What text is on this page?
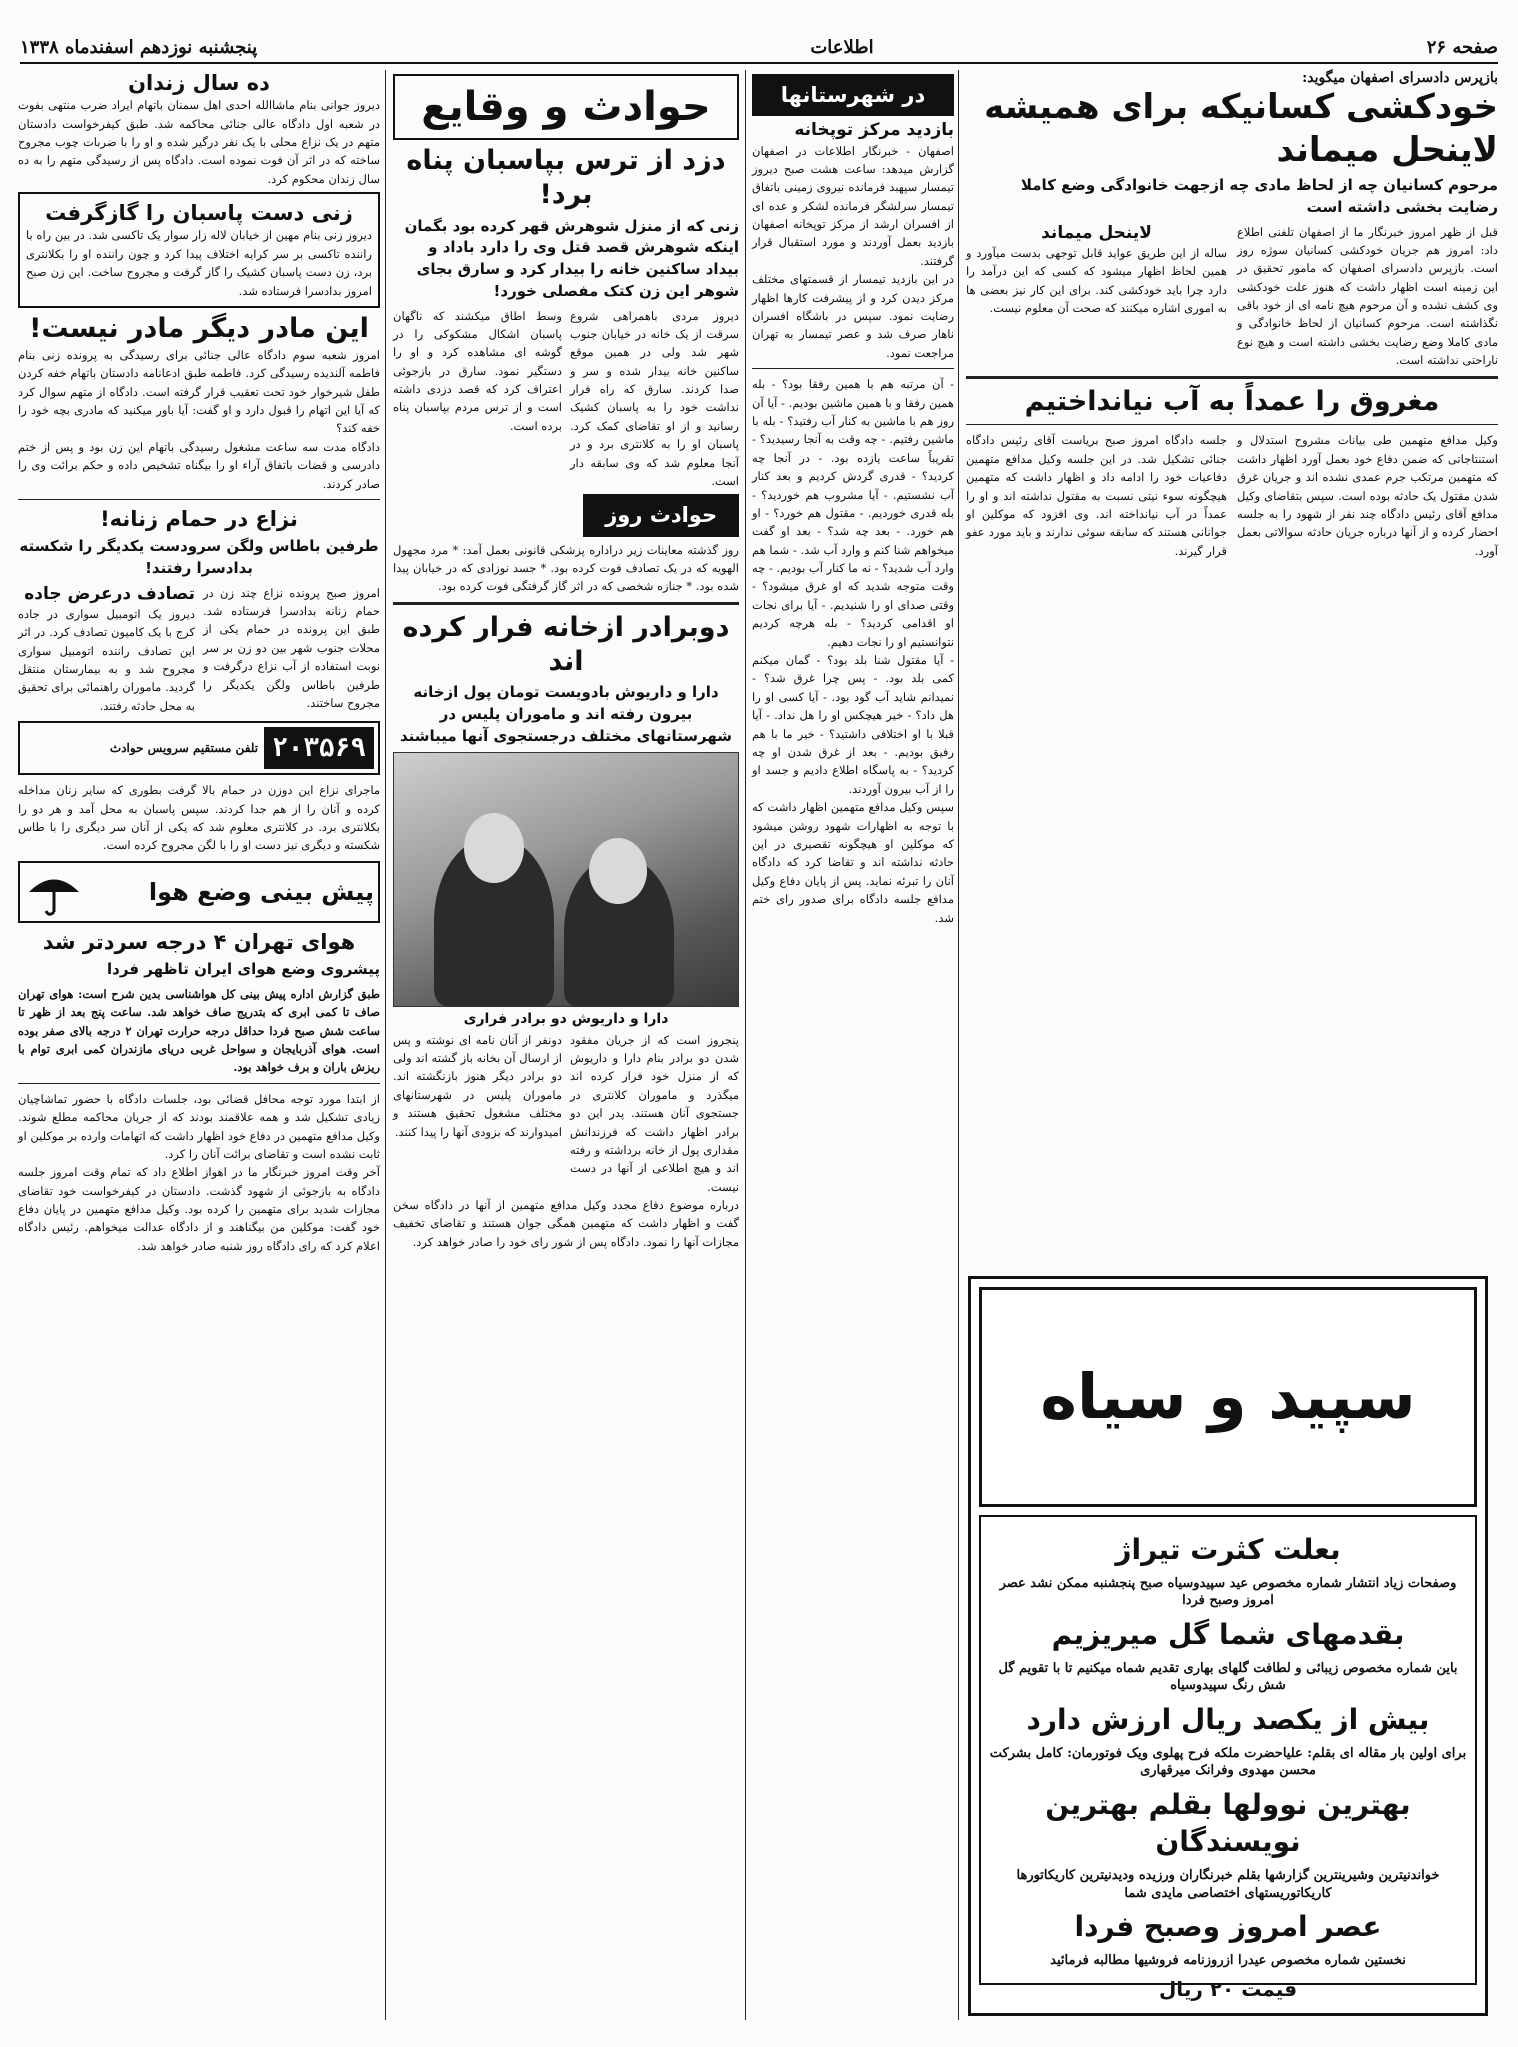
صفحه ۲۶
اطلاعات
پنجشنبه نوزدهم اسفندماه ۱۳۳۸
بازپرس دادسرای اصفهان میگوید:
خودکشی کسانیکه برای همیشه لاینحل میماند
مرحوم کسانیان چه از لحاظ مادی چه ازجهت خانوادگی وضع کاملا رضایت بخشی داشته است
قبل از ظهر امروز خبرنگار ما از اصفهان تلفنی اطلاع داد: امروز هم جریان خودکشی کسانیان سوژه روز است. بازپرس دادسرای اصفهان که مامور تحقیق در این زمینه است اظهار داشت که هنوز علت خودکشی وی کشف نشده و آن مرحوم هیچ نامه ای از خود باقی نگذاشته است. مرحوم کسانیان از لحاظ خانوادگی و مادی کاملا وضع رضایت بخشی داشته است و هیچ نوع ناراحتی نداشته است.
لاینحل میماند
ساله از این طریق عواید قابل توجهی بدست میآورد و همین لحاظ اظهار میشود که کسی که این درآمد را دارد چرا باید خودکشی کند. برای این کار نیز بعضی ها به اموری اشاره میکنند که صحت آن معلوم نیست.
مغروق را عمداً به آب نیانداختیم
وکیل مدافع متهمین طی بیانات مشروح استدلال و استنتاجاتی که ضمن دفاع خود بعمل آورد اظهار داشت که متهمین مرتکب جرم عمدی نشده اند و جریان غرق شدن مقتول یک حادثه بوده است. سپس بتقاضای وکیل مدافع آقای رئیس دادگاه چند نفر از شهود را به جلسه احضار کرده و از آنها درباره جریان حادثه سوالاتی بعمل آورد.
جلسه دادگاه امروز صبح بریاست آقای رئیس دادگاه جنائی تشکیل شد. در این جلسه وکیل مدافع متهمین دفاعیات خود را ادامه داد و اظهار داشت که متهمین هیچگونه سوء نیتی نسبت به مقتول نداشته اند و او را عمداً در آب نیانداخته اند. وی افزود که موکلین او جوانانی هستند که سابقه سوئی ندارند و باید مورد عفو قرار گیرند.
در شهرستانها
بازدید مرکز توپخانه
اصفهان - خبرنگار اطلاعات در اصفهان گزارش میدهد: ساعت هشت صبح دیروز تیمسار سپهبد فرمانده نیروی زمینی باتفاق تیمسار سرلشگر فرمانده لشکر و عده ای از افسران ارشد از مرکز توپخانه اصفهان بازدید بعمل آوردند و مورد استقبال قرار گرفتند.
در این بازدید تیمسار از قسمتهای مختلف مرکز دیدن کرد و از پیشرفت کارها اظهار رضایت نمود. سپس در باشگاه افسران ناهار صرف شد و عصر تیمسار به تهران مراجعت نمود.
- آن مرتبه هم با همین رفقا بود؟ - بله همین رفقا و با همین ماشین بودیم. - آیا آن روز هم با ماشین به کنار آب رفتید؟ - بله با ماشین رفتیم. - چه وقت به آنجا رسیدید؟ - تقریباً ساعت یازده بود. - در آنجا چه کردید؟ - قدری گردش کردیم و بعد کنار آب نشستیم. - آیا مشروب هم خوردید؟ - بله قدری خوردیم. - مقتول هم خورد؟ - او هم خورد. - بعد چه شد؟ - بعد او گفت میخواهم شنا کنم و وارد آب شد. - شما هم وارد آب شدید؟ - نه ما کنار آب بودیم. - چه وقت متوجه شدید که او غرق میشود؟ - وقتی صدای او را شنیدیم. - آیا برای نجات او اقدامی کردید؟ - بله هرچه کردیم نتوانستیم او را نجات دهیم.
- آیا مقتول شنا بلد بود؟ - گمان میکنم کمی بلد بود. - پس چرا غرق شد؟ - نمیدانم شاید آب گود بود. - آیا کسی او را هل داد؟ - خیر هیچکس او را هل نداد. - آیا قبلا با او اختلافی داشتید؟ - خیر ما با هم رفیق بودیم. - بعد از غرق شدن او چه کردید؟ - به پاسگاه اطلاع دادیم و جسد او را از آب بیرون آوردند.
سپس وکیل مدافع متهمین اظهار داشت که با توجه به اظهارات شهود روشن میشود که موکلین او هیچگونه تقصیری در این حادثه نداشته اند و تقاضا کرد که دادگاه آنان را تبرئه نماید. پس از پایان دفاع وکیل مدافع جلسه دادگاه برای صدور رای ختم شد.
حوادث و وقایع
دزد از ترس بپاسبان پناه برد!
زنی که از منزل شوهرش قهر کرده بود بگمان اینکه شوهرش قصد قتل وی را دارد باداد و بیداد ساکنین خانه را بیدار کرد و سارق بجای شوهر این زن کتک مفصلی خورد!
دیروز مردی باهمراهی شروع سرقت از یک خانه در خیابان جنوب شهر شد ولی در همین موقع ساکنین خانه بیدار شده و سر و صدا کردند. سارق که راه فرار نداشت خود را به پاسبان کشیک رسانید و از او تقاضای کمک کرد. پاسبان او را به کلانتری برد و در آنجا معلوم شد که وی سابقه دار است.
وسط اطاق میکشند که ناگهان پاسبان اشکال مشکوکی را در گوشه ای مشاهده کرد و او را دستگیر نمود. سارق در بازجوئی اعتراف کرد که قصد دزدی داشته است و از ترس مردم بپاسبان پناه برده است.
حوادث روز
روز گذشته معاینات زیر دراداره پزشکی قانونی بعمل آمد: * مرد مجهول الهویه که در یک تصادف فوت کرده بود. * جسد نوزادی که در خیابان پیدا شده بود. * جنازه شخصی که در اثر گاز گرفتگی فوت کرده بود.
دوبرادر ازخانه فرار کرده اند
دارا و داریوش بادویست تومان پول ازخانه بیرون رفته اند و ماموران پلیس در شهرستانهای مختلف درجستجوی آنها میباشند
دارا و داریوش دو برادر فراری
پنجروز است که از جریان مفقود شدن دو برادر بنام دارا و داریوش که از منزل خود فرار کرده اند میگذرد و ماموران کلانتری در جستجوی آنان هستند. پدر این دو برادر اظهار داشت که فرزندانش مقداری پول از خانه برداشته و رفته اند و هیچ اطلاعی از آنها در دست نیست.
دونفر از آنان نامه ای نوشته و پس از ارسال آن بخانه باز گشته اند ولی دو برادر دیگر هنوز بازنگشته اند. ماموران پلیس در شهرستانهای مختلف مشغول تحقیق هستند و امیدوارند که بزودی آنها را پیدا کنند.
درباره موضوع دفاع مجدد وکیل مدافع متهمین از آنها در دادگاه سخن گفت و اظهار داشت که متهمین همگی جوان هستند و تقاضای تخفیف مجازات آنها را نمود. دادگاه پس از شور رای خود را صادر خواهد کرد.
ده سال زندان
دیروز جوانی بنام ماشاالله احدی اهل سمنان باتهام ایراد ضرب منتهی بفوت در شعبه اول دادگاه عالی جنائی محاکمه شد. طبق کیفرخواست دادستان متهم در یک نزاع محلی با یک نفر درگیر شده و او را با ضربات چوب مجروح ساخته که در اثر آن فوت نموده است. دادگاه پس از رسیدگی متهم را به ده سال زندان محکوم کرد.
زنی دست پاسبان را گازگرفت
دیروز زنی بنام مهین از خیابان لاله زار سوار یک تاکسی شد. در بین راه با راننده تاکسی بر سر کرایه اختلاف پیدا کرد و چون راننده او را بکلانتری برد، زن دست پاسبان کشیک را گاز گرفت و مجروح ساخت. این زن صبح امروز بدادسرا فرستاده شد.
این مادر دیگر مادر نیست!
امروز شعبه سوم دادگاه عالی جنائی برای رسیدگی به پرونده زنی بنام فاطمه آلندیده رسیدگی کرد. فاطمه طبق ادعانامه دادستان باتهام خفه کردن طفل شیرخوار خود تحت تعقیب قرار گرفته است. دادگاه از متهم سوال کرد که آیا این اتهام را قبول دارد و او گفت: آیا باور میکنید که مادری بچه خود را خفه کند؟
دادگاه مدت سه ساعت مشغول رسیدگی باتهام این زن بود و پس از ختم دادرسی و قضات باتفاق آراء او را بیگناه تشخیص داده و حکم برائت وی را صادر کردند.
نزاع در حمام زنانه!
طرفین باطاس ولگن سرودست یکدیگر را شکسته بدادسرا رفتند!
امروز صبح پرونده نزاع چند زن در حمام زنانه بدادسرا فرستاده شد. طبق این پرونده در حمام یکی از محلات جنوب شهر بین دو زن بر سر نوبت استفاده از آب نزاع درگرفت و طرفین باطاس ولگن یکدیگر را مجروح ساختند.
تصادف درعرض جاده
دیروز یک اتومبیل سواری در جاده کرج با یک کامیون تصادف کرد. در اثر این تصادف راننده اتومبیل سواری مجروح شد و به بیمارستان منتقل گردید. ماموران راهنمائی برای تحقیق به محل حادثه رفتند.
۲۰۳۵۶۹
تلفن مستقیم سرویس حوادث
ماجرای نزاع این دوزن در حمام بالا گرفت بطوری که سایر زنان مداخله کرده و آنان را از هم جدا کردند. سپس پاسبان به محل آمد و هر دو را بکلانتری برد. در کلانتری معلوم شد که یکی از آنان سر دیگری را با طاس شکسته و دیگری نیز دست او را با لگن مجروح کرده است.
پیش بینی وضع هوا
هوای تهران ۴ درجه سردتر شد
پیشروی وضع هوای ایران تاظهر فردا
طبق گزارش اداره پیش بینی کل هواشناسی بدین شرح است: هوای تهران صاف تا کمی ابری که بتدریج صاف خواهد شد. ساعت پنج بعد از ظهر تا ساعت شش صبح فردا حداقل درجه حرارت تهران ۲ درجه بالای صفر بوده است. هوای آذربایجان و سواحل غربی دریای مازندران کمی ابری توام با ریزش باران و برف خواهد بود.
از ابتدا مورد توجه محافل قضائی بود، جلسات دادگاه با حضور تماشاچیان زیادی تشکیل شد و همه علاقمند بودند که از جریان محاکمه مطلع شوند. وکیل مدافع متهمین در دفاع خود اظهار داشت که اتهامات وارده بر موکلین او ثابت نشده است و تقاضای برائت آنان را کرد.
آخر وقت امروز خبرنگار ما در اهواز اطلاع داد که تمام وقت امروز جلسه دادگاه به بازجوئی از شهود گذشت. دادستان در کیفرخواست خود تقاضای مجازات شدید برای متهمین را کرده بود. وکیل مدافع متهمین در پایان دفاع خود گفت: موکلین من بیگناهند و از دادگاه عدالت میخواهم. رئیس دادگاه اعلام کرد که رای دادگاه روز شنبه صادر خواهد شد.
سپید و سیاه
بعلت کثرت تیراژ
وصفحات زیاد انتشار شماره مخصوص عید سپیدوسیاه صبح پنجشنبه ممکن نشد عصر امروز وصبح فردا
بقدمهای شما گل میریزیم
باین شماره مخصوص زیبائی و لطافت گلهای بهاری تقدیم شماه میکنیم تا با تقویم گل شش رنگ سپیدوسیاه
بیش از یکصد ریال ارزش دارد
برای اولین بار مقاله ای بقلم: علیاحضرت ملکه فرح پهلوی ویک فوتورمان: کامل بشرکت محسن مهدوی وفرانک میرقهاری
بهترین نوولها بقلم بهترین نویسندگان
خواندنیترین وشیرینترین گزارشها بقلم خبرنگاران ورزیده ودیدنیترین کاریکاتورها کاریکاتوریستهای اختصاصی مایدی شما
عصر امروز وصبح فردا
نخستین شماره مخصوص عیدرا ازروزنامه فروشیها مطالبه فرمائید
قیمت ۲۰ ریال
